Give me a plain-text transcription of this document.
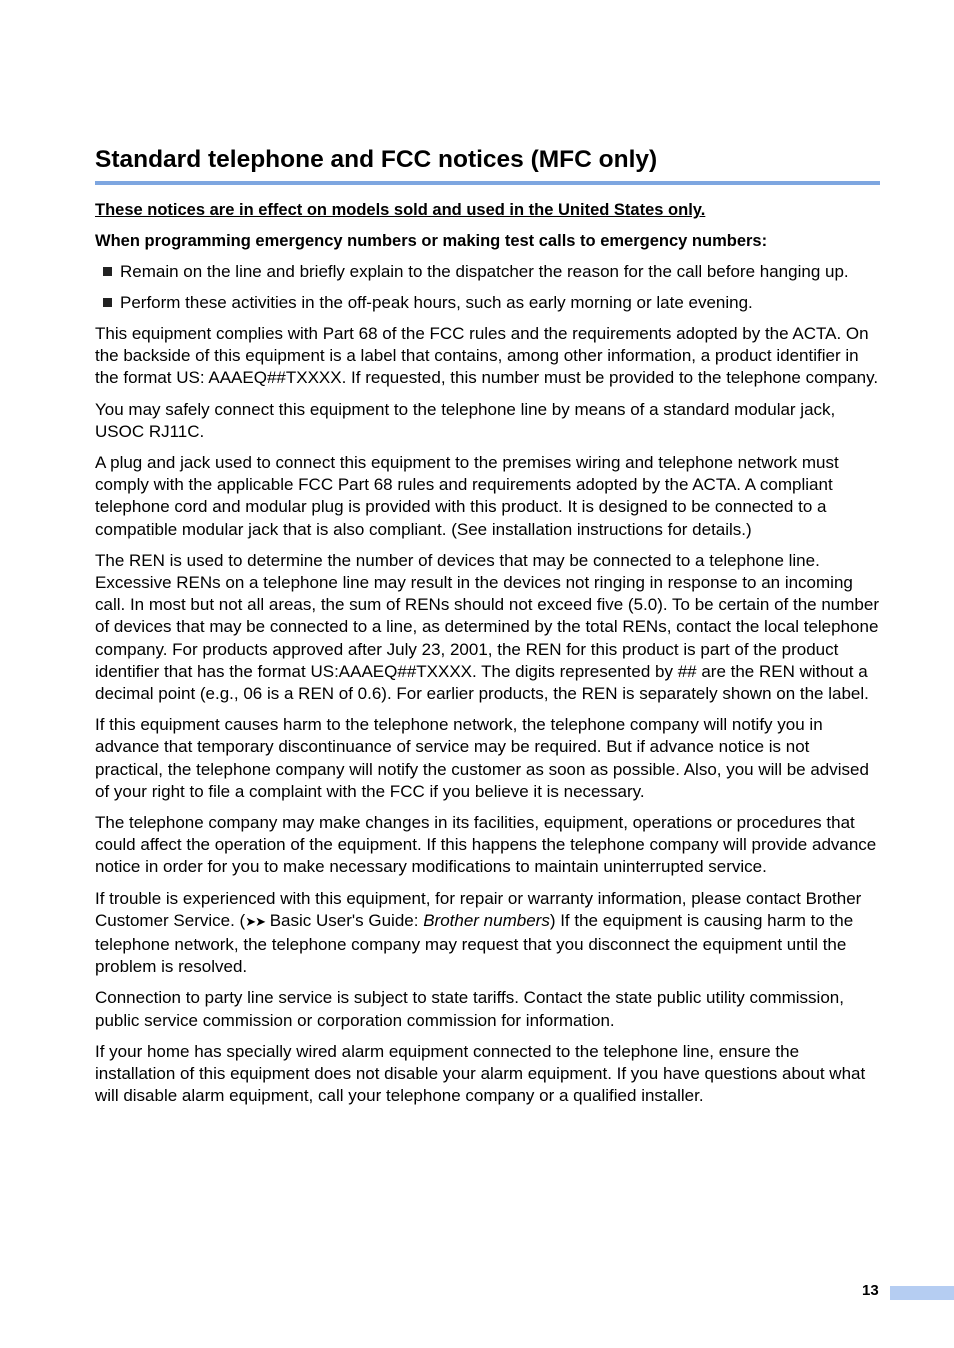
Standard telephone and FCC notices (MFC only)

These notices are in effect on models sold and used in the United States only.

When programming emergency numbers or making test calls to emergency numbers:

Remain on the line and briefly explain to the dispatcher the reason for the call before hanging up.
Perform these activities in the off-peak hours, such as early morning or late evening.

This equipment complies with Part 68 of the FCC rules and the requirements adopted by the ACTA. On the backside of this equipment is a label that contains, among other information, a product identifier in the format US: AAAEQ##TXXXX. If requested, this number must be provided to the telephone company.

You may safely connect this equipment to the telephone line by means of a standard modular jack, USOC RJ11C.

A plug and jack used to connect this equipment to the premises wiring and telephone network must comply with the applicable FCC Part 68 rules and requirements adopted by the ACTA. A compliant telephone cord and modular plug is provided with this product. It is designed to be connected to a compatible modular jack that is also compliant. (See installation instructions for details.)

The REN is used to determine the number of devices that may be connected to a telephone line. Excessive RENs on a telephone line may result in the devices not ringing in response to an incoming call. In most but not all areas, the sum of RENs should not exceed five (5.0). To be certain of the number of devices that may be connected to a line, as determined by the total RENs, contact the local telephone company. For products approved after July 23, 2001, the REN for this product is part of the product identifier that has the format US:AAAEQ##TXXXX. The digits represented by ## are the REN without a decimal point (e.g., 06 is a REN of 0.6). For earlier products, the REN is separately shown on the label.

If this equipment causes harm to the telephone network, the telephone company will notify you in advance that temporary discontinuance of service may be required. But if advance notice is not practical, the telephone company will notify the customer as soon as possible. Also, you will be advised of your right to file a complaint with the FCC if you believe it is necessary.

The telephone company may make changes in its facilities, equipment, operations or procedures that could affect the operation of the equipment. If this happens the telephone company will provide advance notice in order for you to make necessary modifications to maintain uninterrupted service.

If trouble is experienced with this equipment, for repair or warranty information, please contact Brother Customer Service. (➤➤ Basic User's Guide: Brother numbers) If the equipment is causing harm to the telephone network, the telephone company may request that you disconnect the equipment until the problem is resolved.

Connection to party line service is subject to state tariffs. Contact the state public utility commission, public service commission or corporation commission for information.

If your home has specially wired alarm equipment connected to the telephone line, ensure the installation of this equipment does not disable your alarm equipment. If you have questions about what will disable alarm equipment, call your telephone company or a qualified installer.

13
